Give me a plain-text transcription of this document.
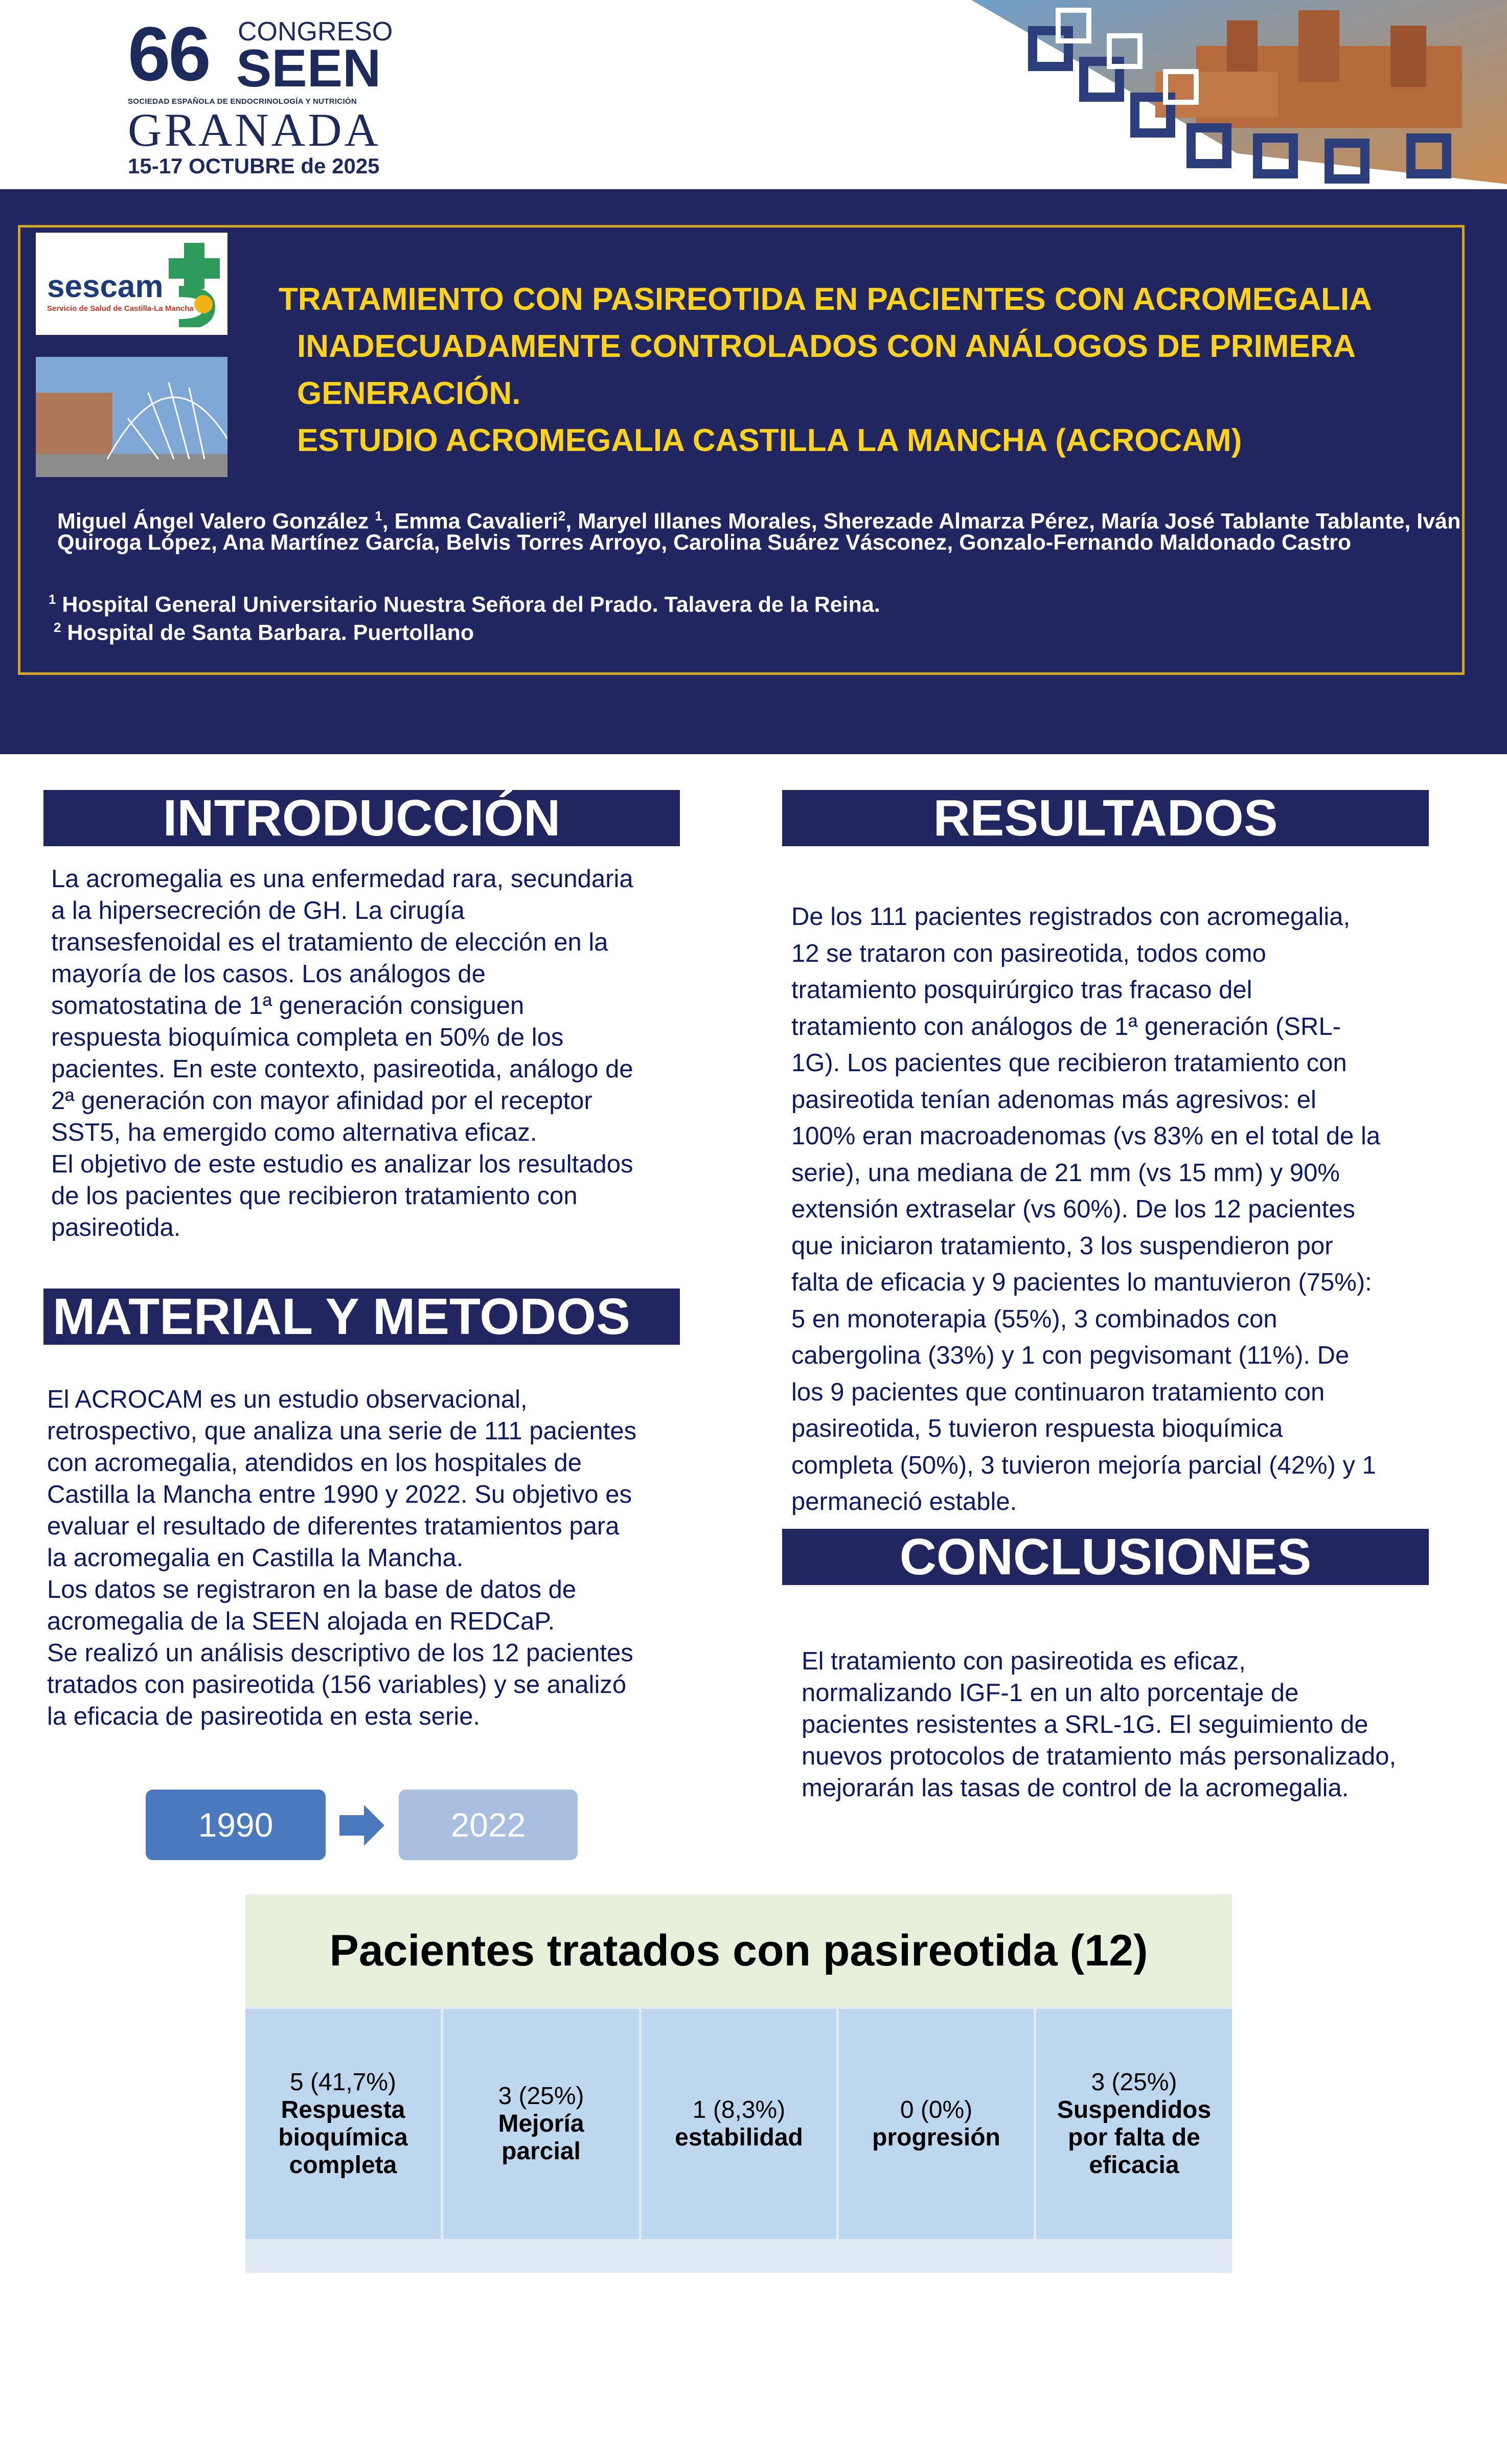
66 CONGRESO
SEEN
SOCIEDAD ESPAÑOLA DE ENDOCRINOLOGÍA Y NUTRICIÓN
GRANADA
15-17 OCTUBRE de 2025
sescam
Servicio de Salud de Castilla-La Mancha	TRATAMIENTO CON PASIREOTIDA EN PACIENTES CON ACROMEGALIA
INADECUADAMENTE CONTROLADOS CON ANÁLOGOS DE PRIMERA
GENERACIÓN.
ESTUDIO ACROMEGALIA CASTILLA LA MANCHA (ACROCAM)
Miguel Ángel Valero González $^1$, Emma Cavalieri$^2$, Maryel Illanes Morales, Sherezade Almarza Pérez, María José Tablante Tablante, Iván Quiroga López, Ana Martínez García, Belvis Torres Arroyo, Carolina Suárez Vásconez, Gonzalo-Fernando Maldonado Castro
$^1$ Hospital General Universitario Nuestra Señora del Prado. Talavera de la Reina.
$^2$ Hospital de Santa Barbara. Puertollano
INTRODUCCIÓN
La acromegalia es una enfermedad rara, secundaria
a la hipersecreción de GH. La cirugía
transesfenoidal es el tratamiento de elección en la
mayoría de los casos. Los análogos de
somatostatina de 1ª generación consiguen
respuesta bioquímica completa en 50% de los
pacientes. En este contexto, pasireotida, análogo de
2ª generación con mayor afinidad por el receptor
SST5, ha emergido como alternativa eficaz.
El objetivo de este estudio es analizar los resultados
de los pacientes que recibieron tratamiento con
pasireotida.
MATERIAL Y METODOS
El ACROCAM es un estudio observacional,
retrospectivo, que analiza una serie de 111 pacientes
con acromegalia, atendidos en los hospitales de
Castilla la Mancha entre 1990 y 2022. Su objetivo es
evaluar el resultado de diferentes tratamientos para
la acromegalia en Castilla la Mancha.
Los datos se registraron en la base de datos de
acromegalia de la SEEN alojada en REDCaP.
Se realizó un análisis descriptivo de los 12 pacientes
tratados con pasireotida (156 variables) y se analizó
la eficacia de pasireotida en esta serie.
1990	2022
RESULTADOS
De los 111 pacientes registrados con acromegalia,
12 se trataron con pasireotida, todos como
tratamiento posquirúrgico tras fracaso del
tratamiento con análogos de 1ª generación (SRL-
1G). Los pacientes que recibieron tratamiento con
pasireotida tenían adenomas más agresivos: el
100% eran macroadenomas (vs 83% en el total de la
serie), una mediana de 21 mm (vs 15 mm) y 90%
extensión extraselar (vs 60%). De los 12 pacientes
que iniciaron tratamiento, 3 los suspendieron por
falta de eficacia y 9 pacientes lo mantuvieron (75%):
5 en monoterapia (55%), 3 combinados con
cabergolina (33%) y 1 con pegvisomant (11%). De
los 9 pacientes que continuaron tratamiento con
pasireotida, 5 tuvieron respuesta bioquímica
completa (50%), 3 tuvieron mejoría parcial (42%) y 1
permaneció estable.
CONCLUSIONES
El tratamiento con pasireotida es eficaz,
normalizando IGF-1 en un alto porcentaje de
pacientes resistentes a SRL-1G. El seguimiento de
nuevos protocolos de tratamiento más personalizado,
mejorarán las tasas de control de la acromegalia.
Pacientes tratados con pasireotida (12)
5 (41,7%)
Respuesta bioquímica completa
3 (25%)
Mejoría parcial
1 (8,3%)
estabilidad
0 (0%)
progresión
3 (25%)
Suspendidos por falta de eficacia
